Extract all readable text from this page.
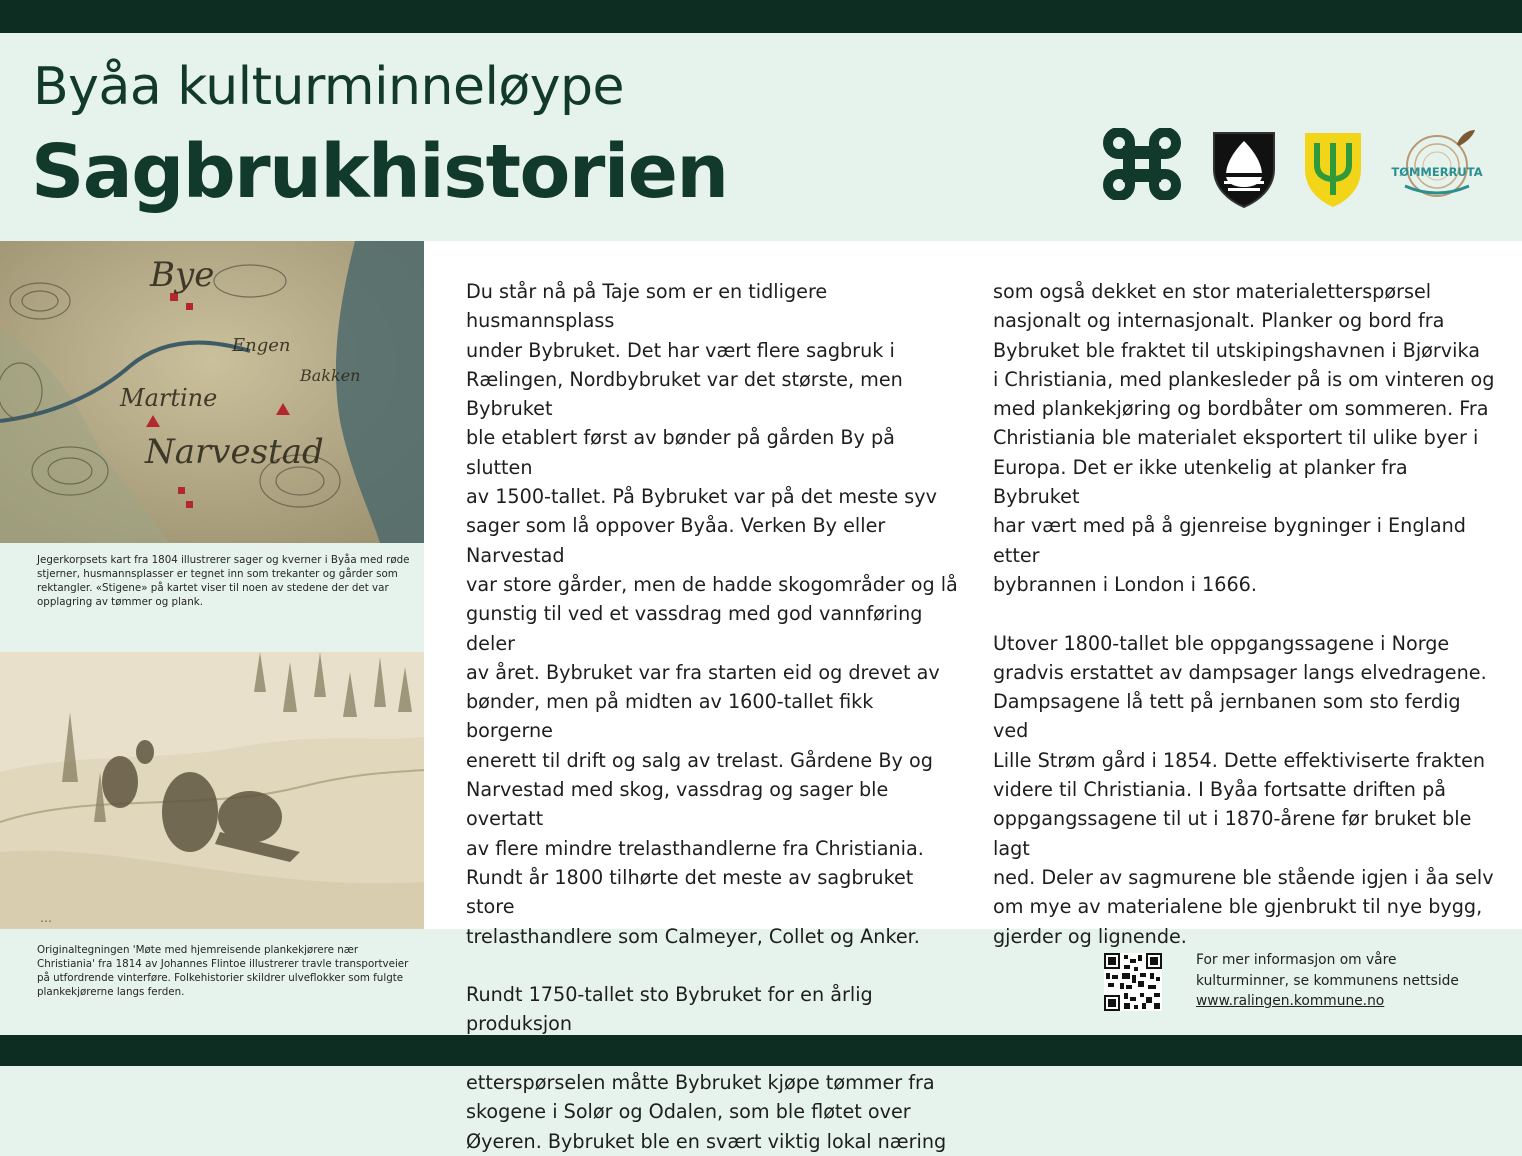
Byåa kulturminneløype
Sagbrukhistorien	TØMMERRUTA

Du står nå på Taje som er en tidligere husmannsplass
under Bybruket. Det har vært flere sagbruk i
Rælingen, Nordbybruket var det største, men Bybruket
ble etablert først av bønder på gården By på slutten
av 1500-tallet. På Bybruket var på det meste syv
sager som lå oppover Byåa. Verken By eller Narvestad
var store gårder, men de hadde skogområder og lå
gunstig til ved et vassdrag med god vannføring deler
av året. Bybruket var fra starten eid og drevet av
bønder, men på midten av 1600-tallet fikk borgerne
enerett til drift og salg av trelast. Gårdene By og
Narvestad med skog, vassdrag og sager ble overtatt
av flere mindre trelasthandlerne fra Christiania.
Rundt år 1800 tilhørte det meste av sagbruket store
trelasthandlere som Calmeyer, Collet og Anker.

Rundt 1750-tallet sto Bybruket for en årlig produksjon

etterspørselen måtte Bybruket kjøpe tømmer fra
skogene i Solør og Odalen, som ble fløtet over
Øyeren. Bybruket ble en svært viktig lokal næring

som også dekket en stor materialetterspørsel
nasjonalt og internasjonalt. Planker og bord fra
Bybruket ble fraktet til utskipingshavnen i Bjørvika
i Christiania, med plankesleder på is om vinteren og
med plankekjøring og bordbåter om sommeren. Fra
Christiania ble materialet eksportert til ulike byer i
Europa. Det er ikke utenkelig at planker fra Bybruket
har vært med på å gjenreise bygninger i England etter
bybrannen i London i 1666.

Utover 1800-tallet ble oppgangssagene i Norge
gradvis erstattet av dampsager langs elvedragene.
Dampsagene lå tett på jernbanen som sto ferdig ved
Lille Strøm gård i 1854. Dette effektiviserte frakten
videre til Christiania. I Byåa fortsatte driften på
oppgangssagene til ut i 1870-årene før bruket ble lagt
ned. Deler av sagmurene ble stående igjen i åa selv
om mye av materialene ble gjenbrukt til nye bygg,
gjerder og lignende.

Bye
Martine
Narvestad
Engen
Bakken
Jegerkorpsets kart fra 1804 illustrerer sager og kverner i Byåa med røde stjerner, husmannsplasser er tegnet inn som trekanter og gårder som rektangler. «Stigene» på kartet viser til noen av stedene der det var opplagring av tømmer og plank.
…
Originaltegningen 'Møte med hjemreisende plankekjørere nær Christiania' fra 1814 av Johannes Flintoe illustrerer travle transportveier på utfordrende vinterføre. Folkehistorier skildrer ulveflokker som fulgte plankekjørerne langs ferden.
For mer informasjon om våre
kulturminner, se kommunens nettside
www.ralingen.kommune.no
